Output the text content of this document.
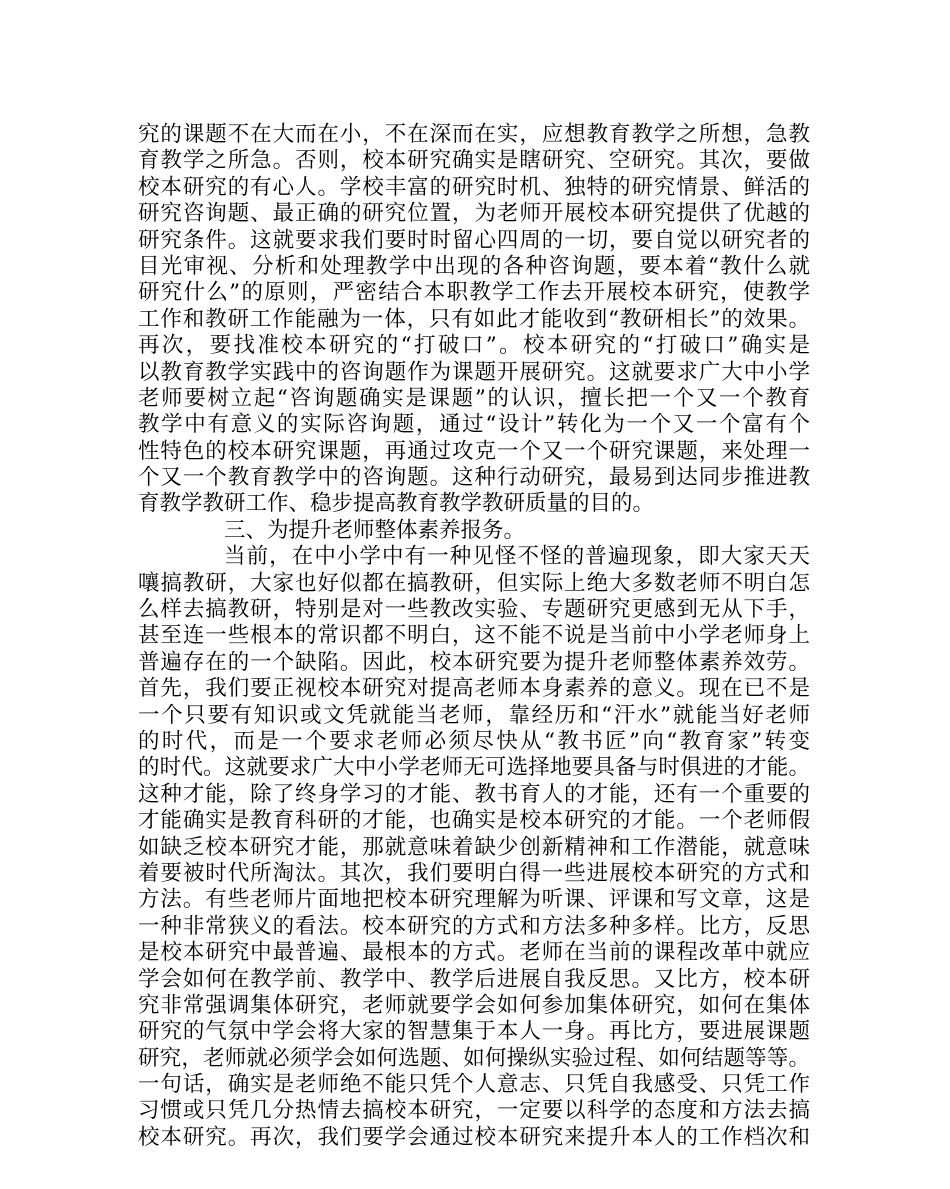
究的课题不在大而在小，不在深而在实，应想教育教学之所想，急教
育教学之所急。否则，校本研究确实是瞎研究、空研究。其次，要做
校本研究的有心人。学校丰富的研究时机、独特的研究情景、鲜活的
研究咨询题、最正确的研究位置，为老师开展校本研究提供了优越的
研究条件。这就要求我们要时时留心四周的一切，要自觉以研究者的
目光审视、分析和处理教学中出现的各种咨询题，要本着“教什么就
研究什么”的原则，严密结合本职教学工作去开展校本研究，使教学
工作和教研工作能融为一体，只有如此才能收到“教研相长”的效果。
再次，要找准校本研究的“打破口”。校本研究的“打破口”确实是
以教育教学实践中的咨询题作为课题开展研究。这就要求广大中小学
老师要树立起“咨询题确实是课题”的认识，擅长把一个又一个教育
教学中有意义的实际咨询题，通过“设计”转化为一个又一个富有个
性特色的校本研究课题，再通过攻克一个又一个研究课题，来处理一
个又一个教育教学中的咨询题。这种行动研究，最易到达同步推进教
育教学教研工作、稳步提高教育教学教研质量的目的。
三、为提升老师整体素养报务。
当前，在中小学中有一种见怪不怪的普遍现象，即大家天天
嚷搞教研，大家也好似都在搞教研，但实际上绝大多数老师不明白怎
么样去搞教研，特别是对一些教改实验、专题研究更感到无从下手，
甚至连一些根本的常识都不明白，这不能不说是当前中小学老师身上
普遍存在的一个缺陷。因此，校本研究要为提升老师整体素养效劳。
首先，我们要正视校本研究对提高老师本身素养的意义。现在已不是
一个只要有知识或文凭就能当老师，靠经历和“汗水”就能当好老师
的时代，而是一个要求老师必须尽快从“教书匠”向“教育家”转变
的时代。这就要求广大中小学老师无可选择地要具备与时俱进的才能。
这种才能，除了终身学习的才能、教书育人的才能，还有一个重要的
才能确实是教育科研的才能，也确实是校本研究的才能。一个老师假
如缺乏校本研究才能，那就意味着缺少创新精神和工作潜能，就意味
着要被时代所淘汰。其次，我们要明白得一些进展校本研究的方式和
方法。有些老师片面地把校本研究理解为听课、评课和写文章，这是
一种非常狭义的看法。校本研究的方式和方法多种多样。比方，反思
是校本研究中最普遍、最根本的方式。老师在当前的课程改革中就应
学会如何在教学前、教学中、教学后进展自我反思。又比方，校本研
究非常强调集体研究，老师就要学会如何参加集体研究，如何在集体
研究的气氛中学会将大家的智慧集于本人一身。再比方，要进展课题
研究，老师就必须学会如何选题、如何操纵实验过程、如何结题等等。
一句话，确实是老师绝不能只凭个人意志、只凭自我感受、只凭工作
习惯或只凭几分热情去搞校本研究，一定要以科学的态度和方法去搞
校本研究。再次，我们要学会通过校本研究来提升本人的工作档次和
